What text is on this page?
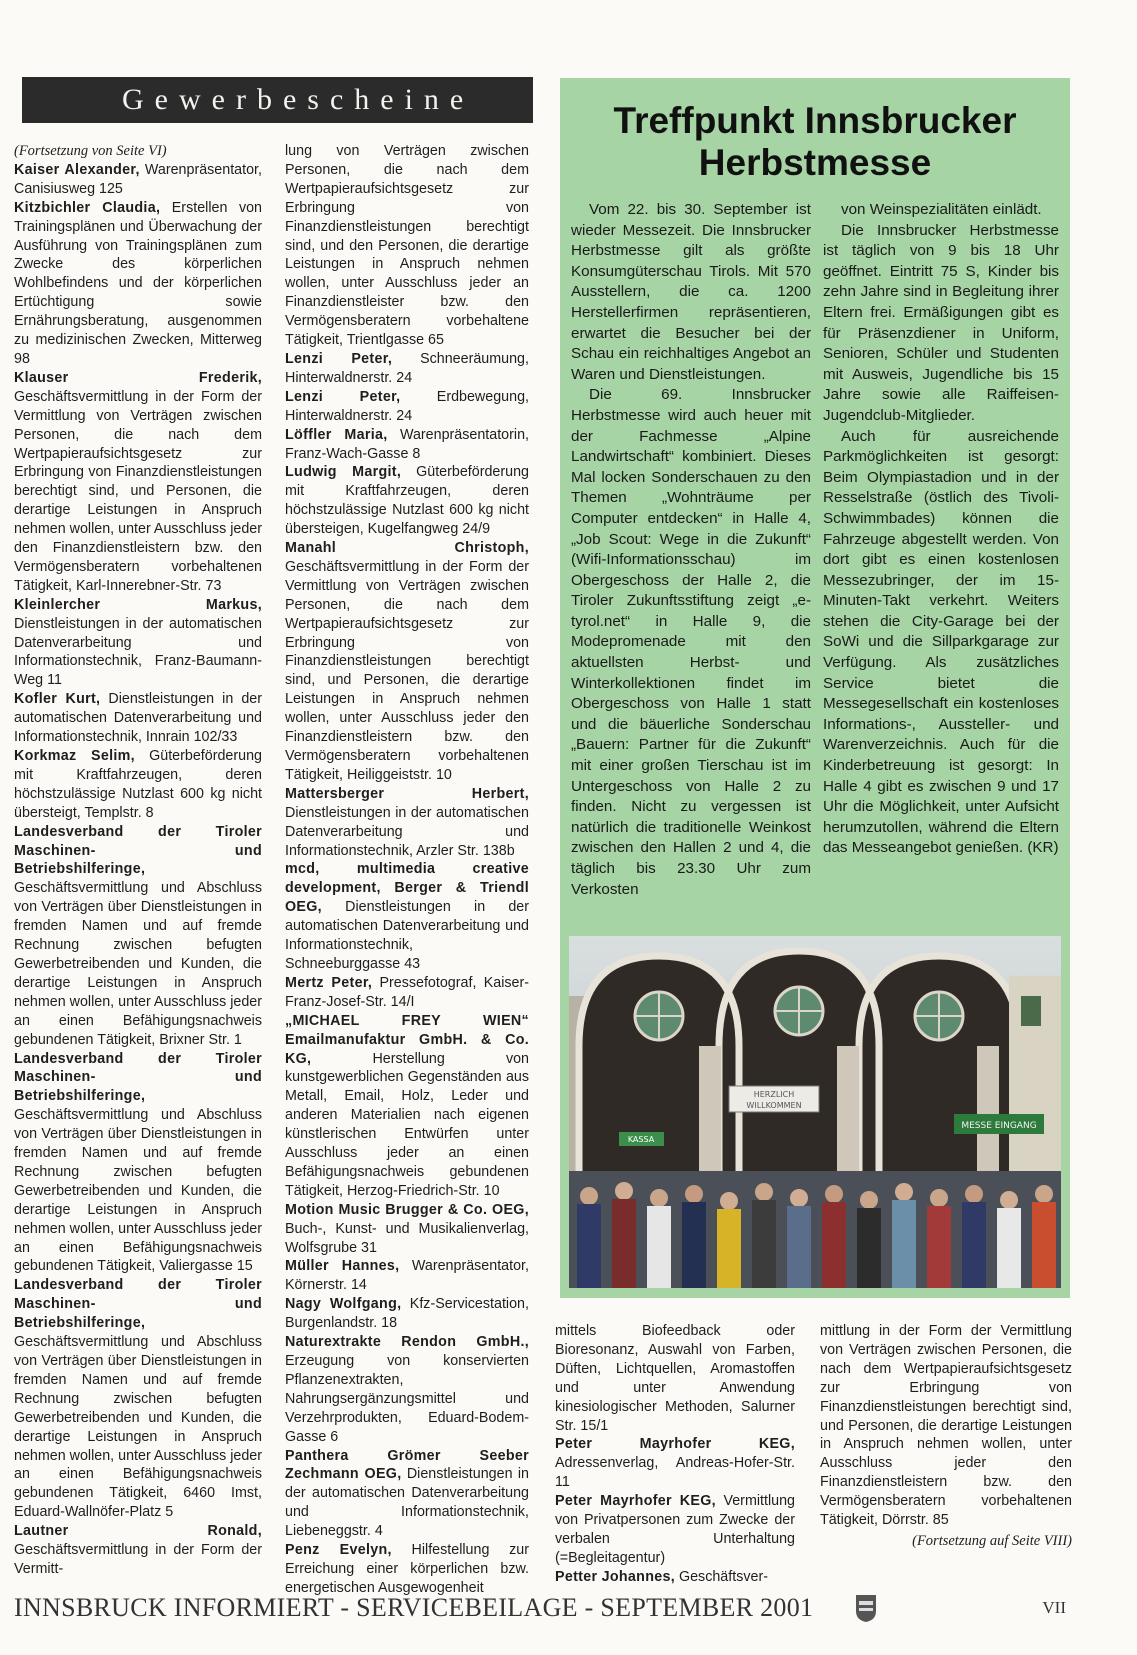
Gewerbescheine
(Fortsetzung von Seite VI)

Kaiser Alexander, Warenpräsentator, Canisiusweg 125

Kitzbichler Claudia, Erstellen von Trainingsplänen und Überwachung der Ausführung von Trainingsplänen zum Zwecke des körperlichen Wohlbefindens und der körperlichen Ertüchtigung sowie Ernährungsberatung, ausgenommen zu medizinischen Zwecken, Mitterweg 98

Klauser Frederik, Geschäftsvermittlung in der Form der Vermittlung von Verträgen zwischen Personen, die nach dem Wertpapieraufsichtsgesetz zur Erbringung von Finanzdienstleistungen berechtigt sind, und Personen, die derartige Leistungen in Anspruch nehmen wollen, unter Ausschluss jeder den Finanzdienstleistern bzw. den Vermögensberatern vorbehaltenen Tätigkeit, Karl-Innerebner-Str. 73

Kleinlercher Markus, Dienstleistungen in der automatischen Datenverarbeitung und Informationstechnik, Franz-Baumann-Weg 11

Kofler Kurt, Dienstleistungen in der automatischen Datenverarbeitung und Informationstechnik, Innrain 102/33

Korkmaz Selim, Güterbeförderung mit Kraftfahrzeugen, deren höchstzulässige Nutzlast 600 kg nicht übersteigt, Templstr. 8

Landesverband der Tiroler Maschinen- und Betriebshilferinge, Geschäftsvermittlung und Abschluss von Verträgen über Dienstleistungen in fremden Namen und auf fremde Rechnung zwischen befugten Gewerbetreibenden und Kunden, die derartige Leistungen in Anspruch nehmen wollen, unter Ausschluss jeder an einen Befähigungsnachweis gebundenen Tätigkeit, Brixner Str. 1

Landesverband der Tiroler Maschinen- und Betriebshilferinge, Geschäftsvermittlung und Abschluss von Verträgen über Dienstleistungen in fremden Namen und auf fremde Rechnung zwischen befugten Gewerbetreibenden und Kunden, die derartige Leistungen in Anspruch nehmen wollen, unter Ausschluss jeder an einen Befähigungsnachweis gebundenen Tätigkeit, Valiergasse 15

Landesverband der Tiroler Maschinen- und Betriebshilferinge, Geschäftsvermittlung und Abschluss von Verträgen über Dienstleistungen in fremden Namen und auf fremde Rechnung zwischen befugten Gewerbetreibenden und Kunden, die derartige Leistungen in Anspruch nehmen wollen, unter Ausschluss jeder an einen Befähigungsnachweis gebundenen Tätigkeit, 6460 Imst, Eduard-Wallnöfer-Platz 5

Lautner Ronald, Geschäftsvermittlung in der Form der Vermitt-

lung von Verträgen zwischen Personen, die nach dem Wertpapieraufsichtsgesetz zur Erbringung von Finanzdienstleistungen berechtigt sind, und den Personen, die derartige Leistungen in Anspruch nehmen wollen, unter Ausschluss jeder an Finanzdienstleister bzw. den Vermögensberatern vorbehaltene Tätigkeit, Trientlgasse 65

Lenzi Peter, Schneeräumung, Hinterwaldnerstr. 24

Lenzi Peter, Erdbewegung, Hinterwaldnerstr. 24

Löffler Maria, Warenpräsentatorin, Franz-Wach-Gasse 8

Ludwig Margit, Güterbeförderung mit Kraftfahrzeugen, deren höchstzulässige Nutzlast 600 kg nicht übersteigen, Kugelfangweg 24/9

Manahl Christoph, Geschäftsvermittlung in der Form der Vermittlung von Verträgen zwischen Personen, die nach dem Wertpapieraufsichtsgesetz zur Erbringung von Finanzdienstleistungen berechtigt sind, und Personen, die derartige Leistungen in Anspruch nehmen wollen, unter Ausschluss jeder den Finanzdienstleistern bzw. den Vermögensberatern vorbehaltenen Tätigkeit, Heiliggeiststr. 10

Mattersberger Herbert, Dienstleistungen in der automatischen Datenverarbeitung und Informationstechnik, Arzler Str. 138b

mcd, multimedia creative development, Berger & Triendl OEG, Dienstleistungen in der automatischen Datenverarbeitung und Informationstechnik, Schneeburggasse 43

Mertz Peter, Pressefotograf, Kaiser-Franz-Josef-Str. 14/I

„MICHAEL FREY WIEN“ Emailmanufaktur GmbH. & Co. KG, Herstellung von kunstgewerblichen Gegenständen aus Metall, Email, Holz, Leder und anderen Materialien nach eigenen künstlerischen Entwürfen unter Ausschluss jeder an einen Befähigungsnachweis gebundenen Tätigkeit, Herzog-Friedrich-Str. 10

Motion Music Brugger & Co. OEG, Buch-, Kunst- und Musikalienverlag, Wolfsgrube 31

Müller Hannes, Warenpräsentator, Körnerstr. 14

Nagy Wolfgang, Kfz-Servicestation, Burgenlandstr. 18

Naturextrakte Rendon GmbH., Erzeugung von konservierten Pflanzenextrakten, Nahrungsergänzungsmittel und Verzehrprodukten, Eduard-Bodem-Gasse 6

Panthera Grömer Seeber Zechmann OEG, Dienstleistungen in der automatischen Datenverarbeitung und Informationstechnik, Liebeneggstr. 4

Penz Evelyn, Hilfestellung zur Erreichung einer körperlichen bzw. energetischen Ausgewogenheit

Treffpunkt Innsbrucker
Herbstmesse

Vom 22. bis 30. September ist wieder Messezeit. Die Innsbrucker Herbstmesse gilt als größte Konsumgüterschau Tirols. Mit 570 Ausstellern, die ca. 1200 Herstellerfirmen repräsentieren, erwartet die Besucher bei der Schau ein reichhaltiges Angebot an Waren und Dienstleistungen.

Die 69. Innsbrucker Herbstmesse wird auch heuer mit der Fachmesse „Alpine Landwirtschaft“ kombiniert. Dieses Mal locken Sonderschauen zu den Themen „Wohnträume per Computer entdecken“ in Halle 4, „Job Scout: Wege in die Zukunft“ (Wifi-Informationsschau) im Obergeschoss der Halle 2, die Tiroler Zukunftsstiftung zeigt „e-tyrol.net“ in Halle 9, die Modepromenade mit den aktuellsten Herbst- und Winterkollektionen findet im Obergeschoss von Halle 1 statt und die bäuerliche Sonderschau „Bauern: Partner für die Zukunft“ mit einer großen Tierschau ist im Untergeschoss von Halle 2 zu finden. Nicht zu vergessen ist natürlich die traditionelle Weinkost zwischen den Hallen 2 und 4, die täglich bis 23.30 Uhr zum Verkosten

von Weinspezialitäten einlädt.

Die Innsbrucker Herbstmesse ist täglich von 9 bis 18 Uhr geöffnet. Eintritt 75 S, Kinder bis zehn Jahre sind in Begleitung ihrer Eltern frei. Ermäßigungen gibt es für Präsenzdiener in Uniform, Senioren, Schüler und Studenten mit Ausweis, Jugendliche bis 15 Jahre sowie alle Raiffeisen-Jugendclub-Mitglieder.

Auch für ausreichende Parkmöglichkeiten ist gesorgt: Beim Olympiastadion und in der Resselstraße (östlich des Tivoli-Schwimmbades) können die Fahrzeuge abgestellt werden. Von dort gibt es einen kostenlosen Messezubringer, der im 15-Minuten-Takt verkehrt. Weiters stehen die City-Garage bei der SoWi und die Sillparkgarage zur Verfügung. Als zusätzliches Service bietet die Messegesellschaft ein kostenloses Informations-, Aussteller- und Warenverzeichnis. Auch für die Kinderbetreuung ist gesorgt: In Halle 4 gibt es zwischen 9 und 17 Uhr die Möglichkeit, unter Aufsicht herumzutollen, während die Eltern das Messeangebot genießen. (KR)

HERZLICH
WILLKOMMEN
MESSE EINGANG
KASSA

mittels Biofeedback oder Bioresonanz, Auswahl von Farben, Düften, Lichtquellen, Aromastoffen und unter Anwendung kinesiologischer Methoden, Salurner Str. 15/1

Peter Mayrhofer KEG, Adressenverlag, Andreas-Hofer-Str. 11

Peter Mayrhofer KEG, Vermittlung von Privatpersonen zum Zwecke der verbalen Unterhaltung (=Begleitagentur)

Petter Johannes, Geschäftsver-

mittlung in der Form der Vermittlung von Verträgen zwischen Personen, die nach dem Wertpapieraufsichtsgesetz zur Erbringung von Finanzdienstleistungen berechtigt sind, und Personen, die derartige Leistungen in Anspruch nehmen wollen, unter Ausschluss jeder den Finanzdienstleistern bzw. den Vermögensberatern vorbehaltenen Tätigkeit, Dörrstr. 85

(Fortsetzung auf Seite VIII)
INNSBRUCK INFORMIERT - SERVICEBEILAGE - SEPTEMBER 2001	VII
